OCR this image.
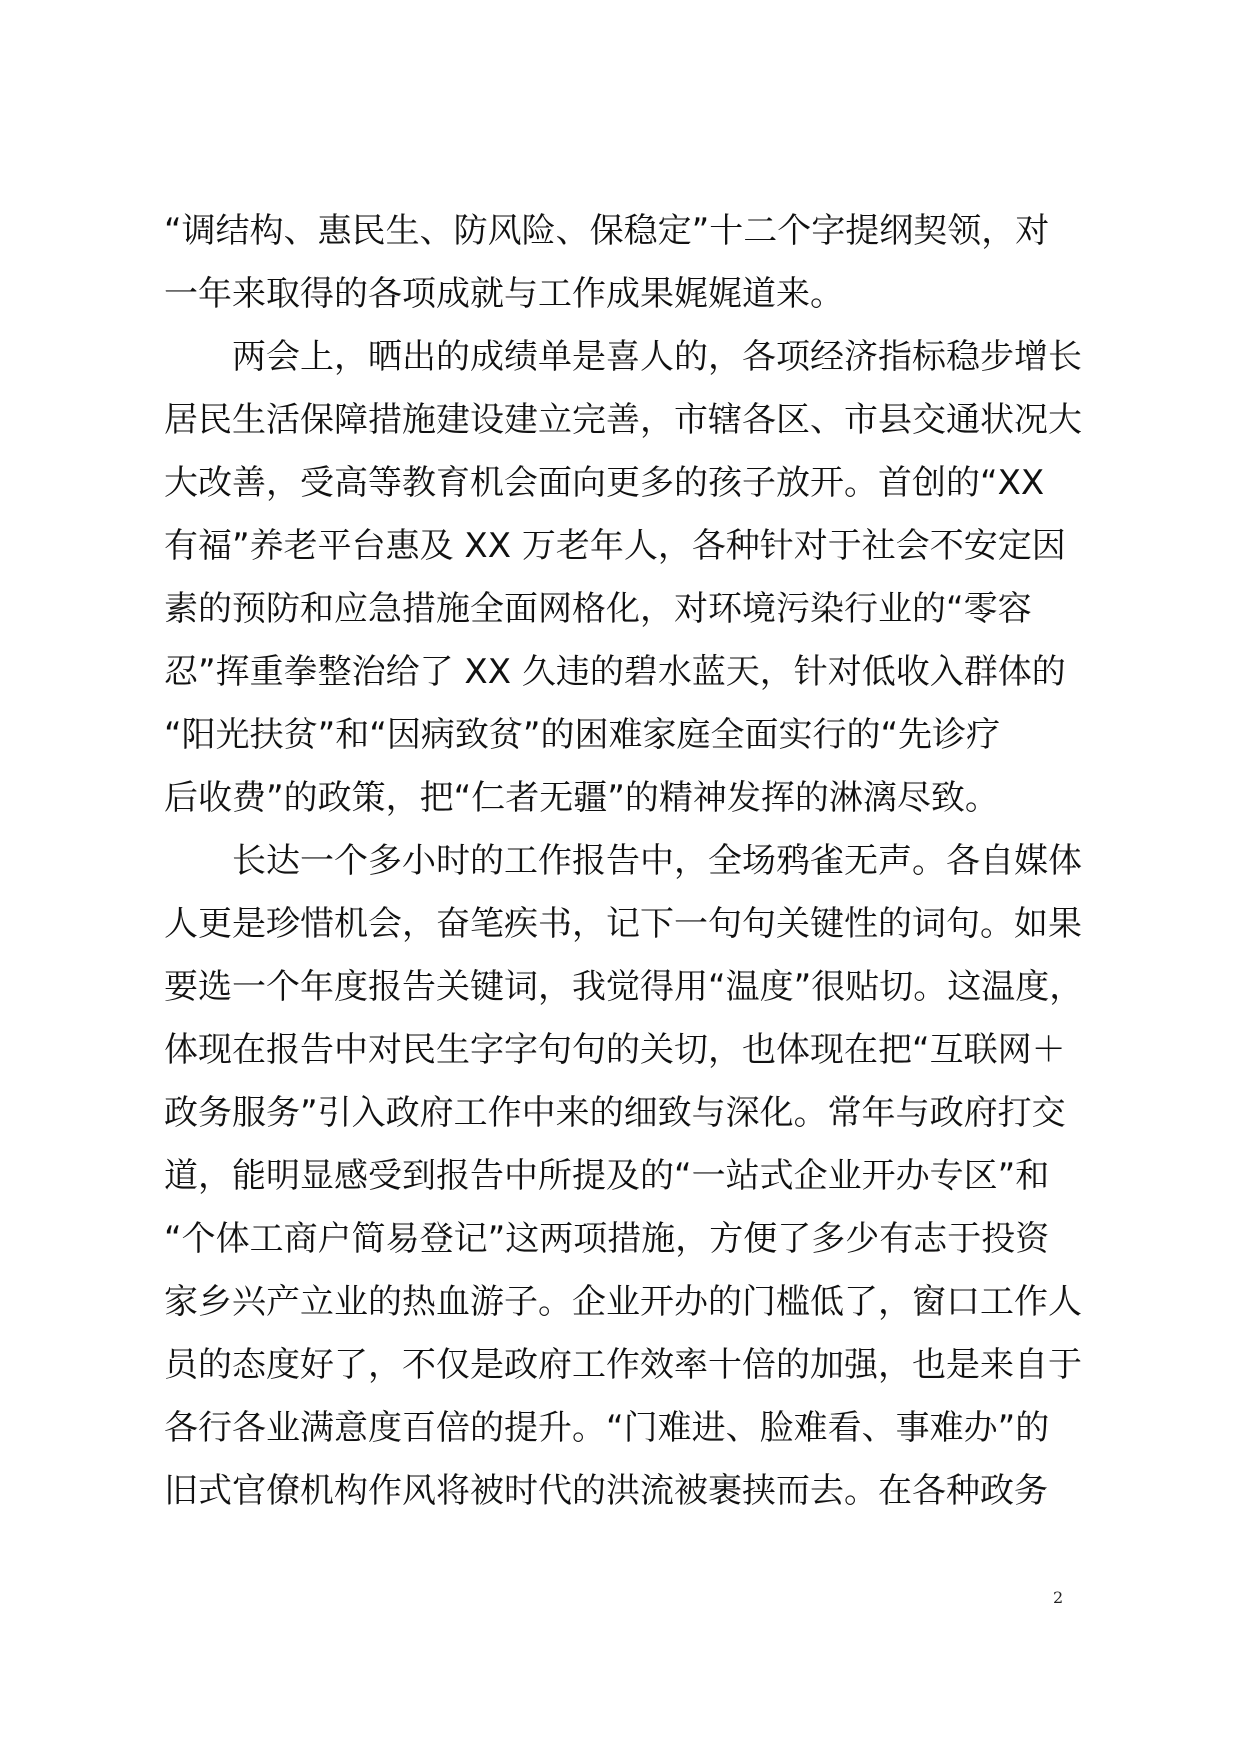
“调结构、惠民生、防风险、保稳定”十二个字提纲契领，对
一年来取得的各项成就与工作成果娓娓道来。
两会上，晒出的成绩单是喜人的，各项经济指标稳步增长
居民生活保障措施建设建立完善，市辖各区、市县交通状况大
大改善，受高等教育机会面向更多的孩子放开。首创的“XX
有福”养老平台惠及 XX 万老年人，各种针对于社会不安定因
素的预防和应急措施全面网格化，对环境污染行业的“零容
忍”挥重拳整治给了 XX 久违的碧水蓝天，针对低收入群体的
“阳光扶贫”和“因病致贫”的困难家庭全面实行的“先诊疗
后收费”的政策，把“仁者无疆”的精神发挥的淋漓尽致。
长达一个多小时的工作报告中，全场鸦雀无声。各自媒体
人更是珍惜机会，奋笔疾书，记下一句句关键性的词句。如果
要选一个年度报告关键词，我觉得用“温度”很贴切。这温度，
体现在报告中对民生字字句句的关切，也体现在把“互联网＋
政务服务”引入政府工作中来的细致与深化。常年与政府打交
道，能明显感受到报告中所提及的“一站式企业开办专区”和
“个体工商户简易登记”这两项措施，方便了多少有志于投资
家乡兴产立业的热血游子。企业开办的门槛低了，窗口工作人
员的态度好了，不仅是政府工作效率十倍的加强，也是来自于
各行各业满意度百倍的提升。“门难进、脸难看、事难办”的
旧式官僚机构作风将被时代的洪流被裹挟而去。在各种政务
2
